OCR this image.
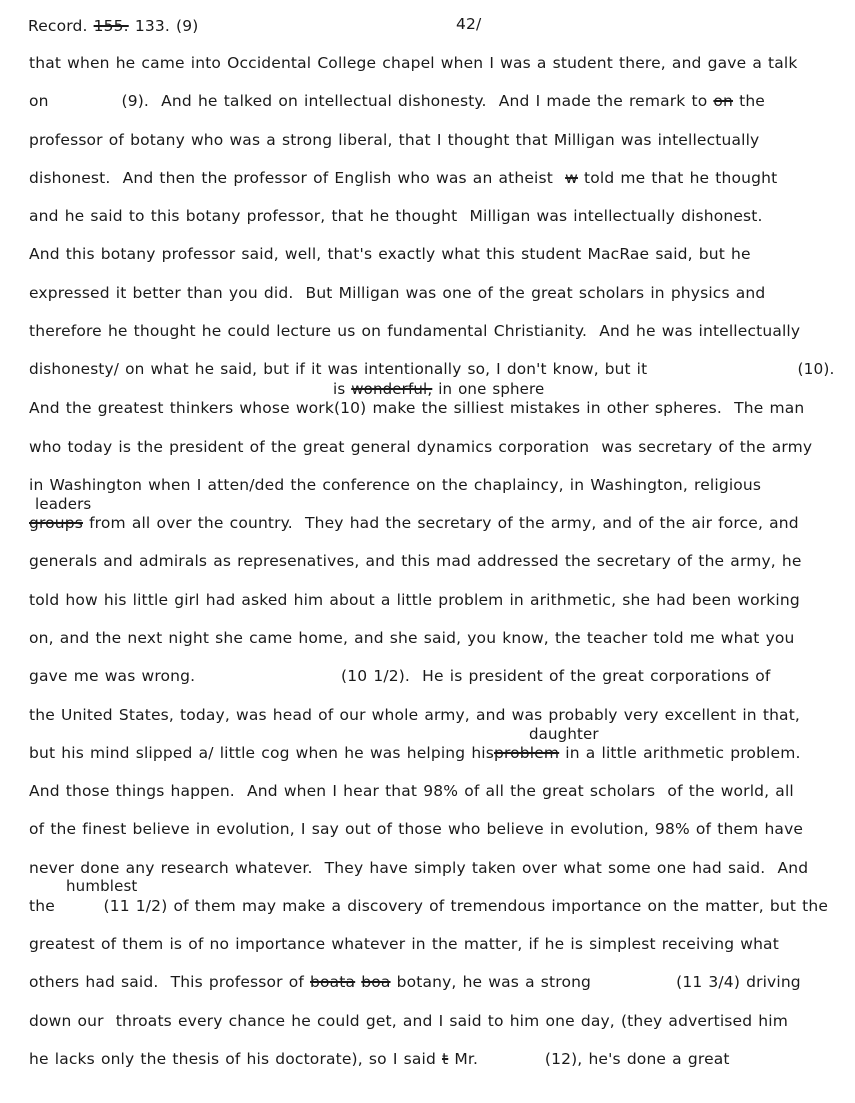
Record. 155. 133. (9)	42/
that when he came into Occidental College chapel when I was a student there, and gave a talk
on            (9).  And he talked on intellectual dishonesty.  And I made the remark to on the
professor of botany who was a strong liberal, that I thought that Milligan was intellectually
dishonest.  And then the professor of English who was an atheist  w told me that he thought
and he said to this botany professor, that he thought  Milligan was intellectually dishonest.
And this botany professor said, well, that's exactly what this student MacRae said, but he
expressed it better than you did.  But Milligan was one of the great scholars in physics and
therefore he thought he could lecture us on fundamental Christianity.  And he was intellectually
dishonesty/ on what he said, but if it was intentionally so, I don't know, but it                         (10).
And the greatest thinkers whose work(10) make the silliest mistakes in other spheres.  The man
who today is the president of the great general dynamics corporation  was secretary of the army
in Washington when I atten/ded the conference on the chaplaincy, in Washington, religious
groups from all over the country.  They had the secretary of the army, and of the air force, and
generals and admirals as represenatives, and this mad addressed the secretary of the army, he
told how his little girl had asked him about a little problem in arithmetic, she had been working
on, and the next night she came home, and she said, you know, the teacher told me what you
gave me was wrong.                        (10 1/2).  He is president of the great corporations of
the United States, today, was head of our whole army, and was probably very excellent in that,
but his mind slipped a/ little cog when he was helping hisproblem in a little arithmetic problem.
And those things happen.  And when I hear that 98% of all the great scholars  of the world, all
of the finest believe in evolution, I say out of those who believe in evolution, 98% of them have
never done any research whatever.  They have simply taken over what some one had said.  And
the        (11 1/2) of them may make a discovery of tremendous importance on the matter, but the
greatest of them is of no importance whatever in the matter, if he is simplest receiving what
others had said.  This professor of boata boa botany, he was a strong              (11 3/4) driving
down our  throats every chance he could get, and I said to him one day, (they advertised him
he lacks only the thesis of his doctorate), so I said t Mr.           (12), he's done a great
is wonderful, in one sphere
leaders
daughter
humblest
